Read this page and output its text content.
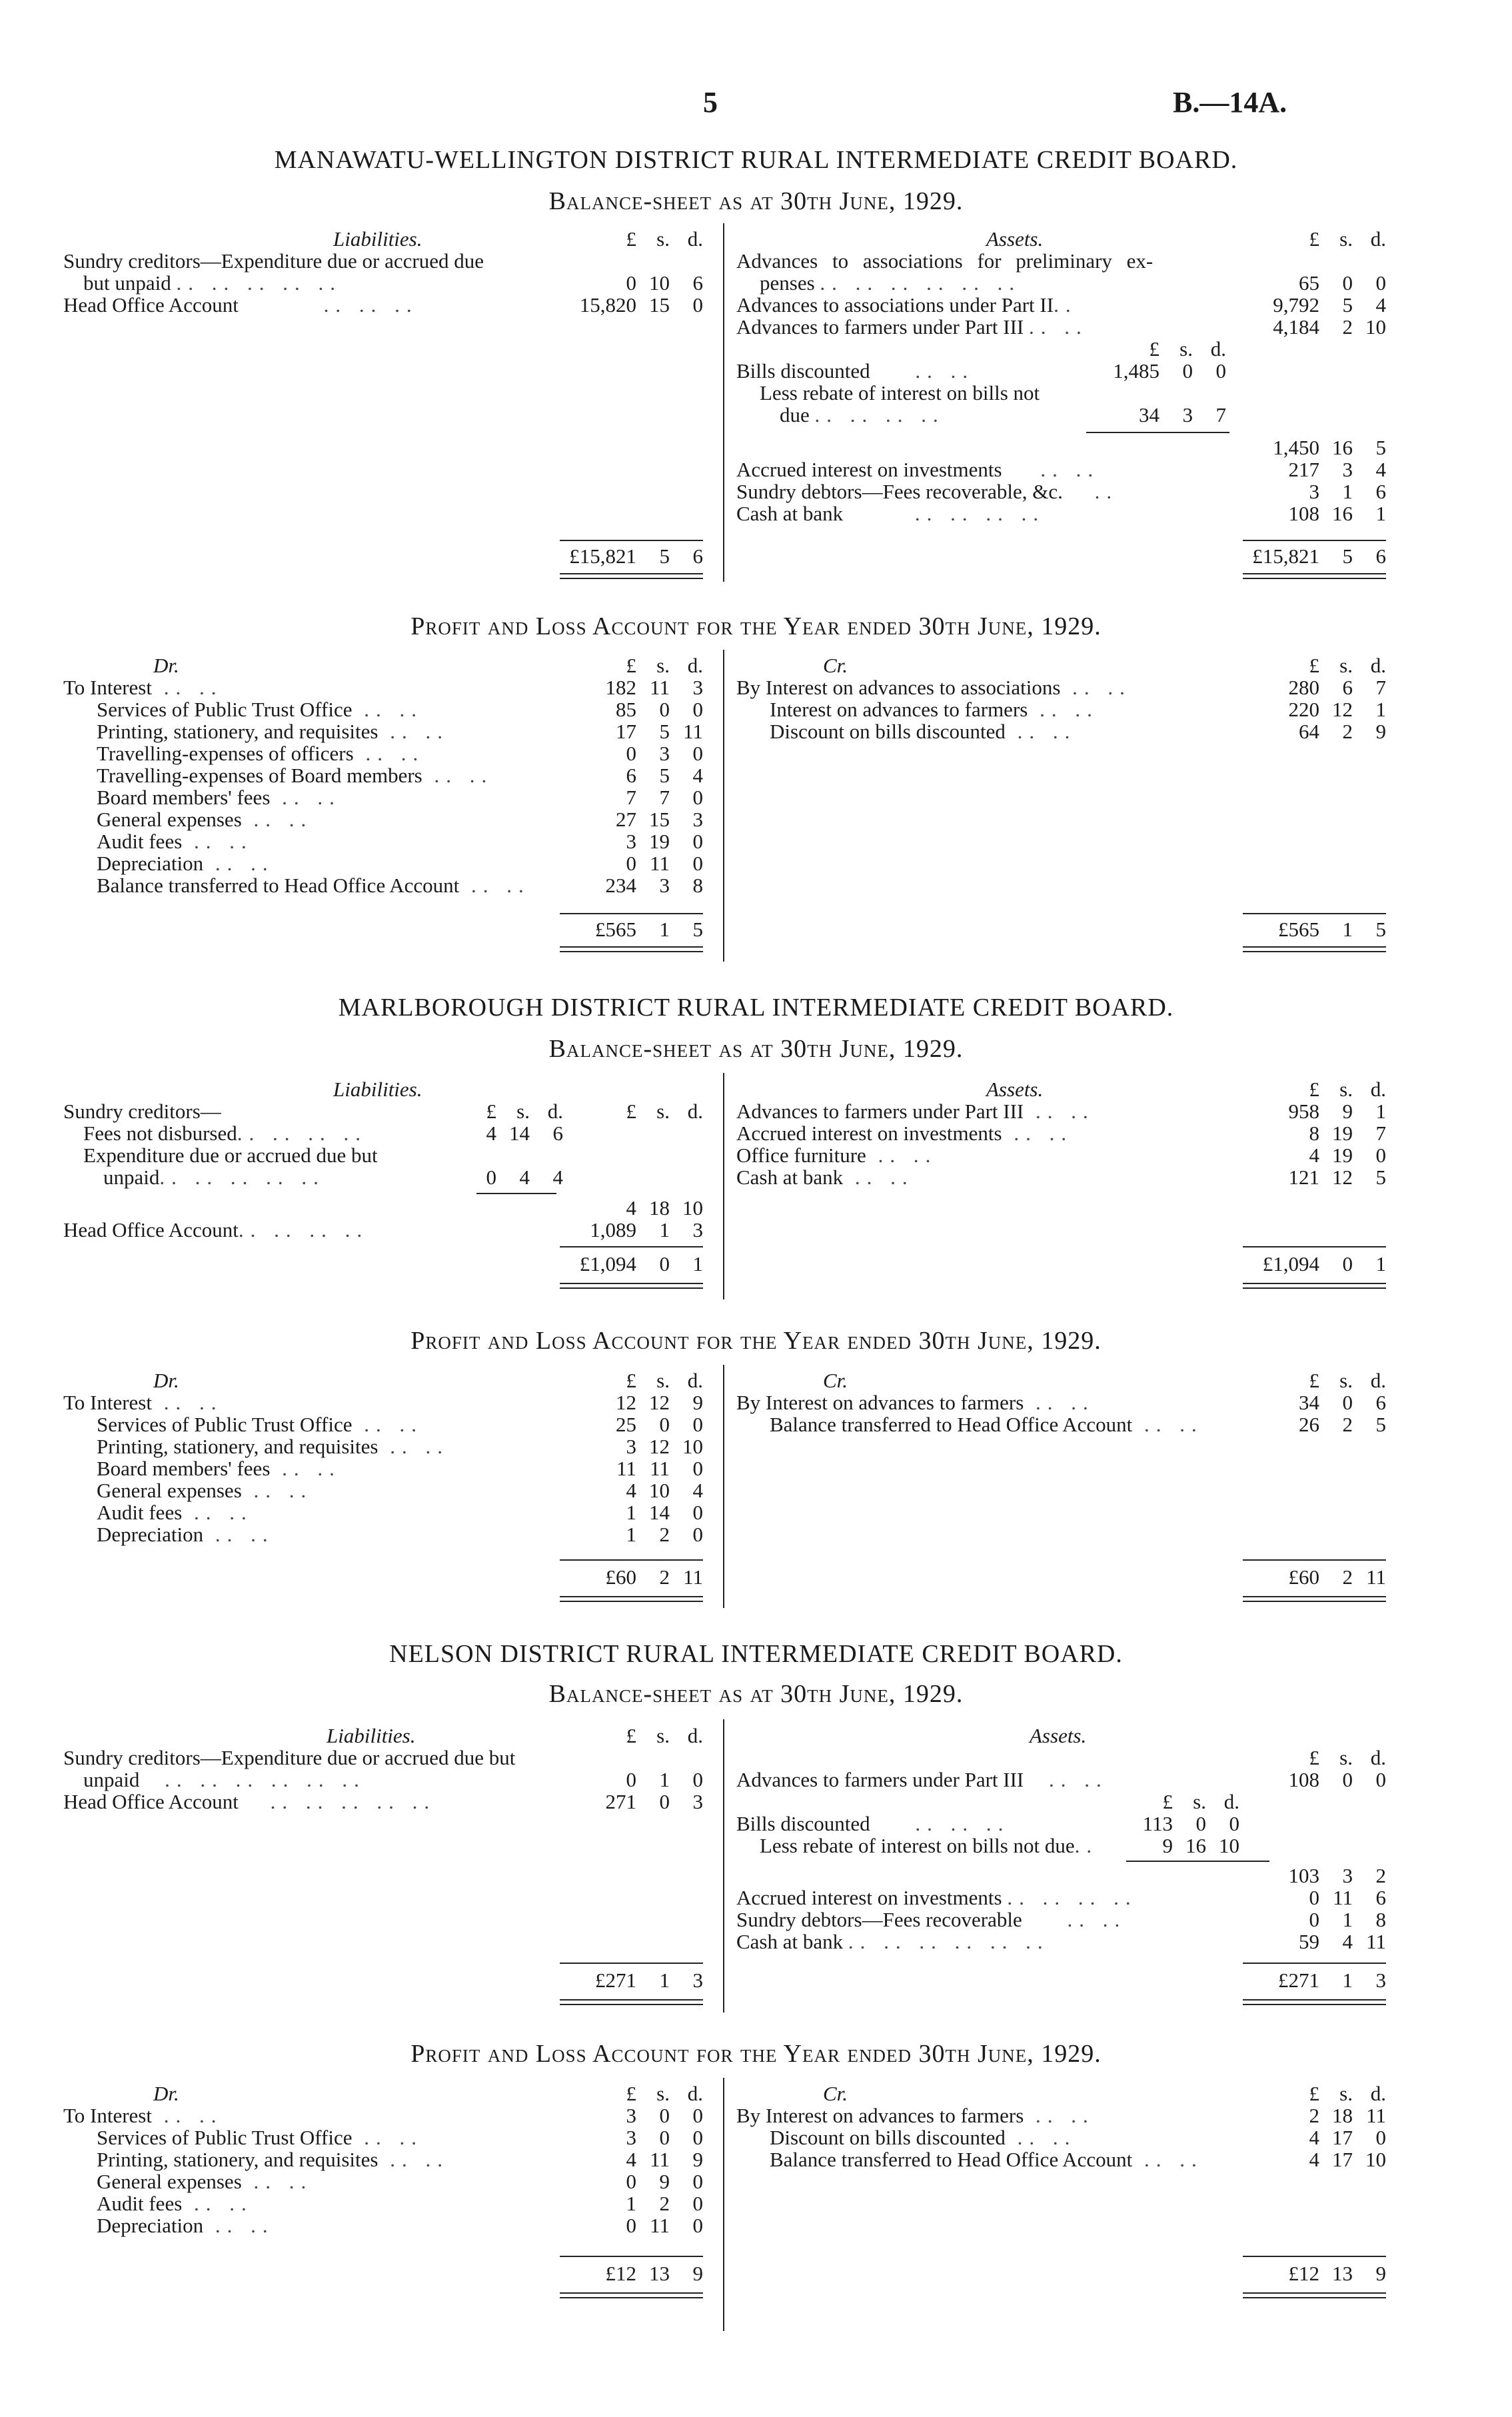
5	B.—14A.
MANAWATU-WELLINGTON DISTRICT RURAL INTERMEDIATE CREDIT BOARD.
Balance-sheet as at 30th June, 1929.
Liabilities.	£ s. d.
Sundry creditors—Expenditure due or accrued due
but unpaid .. .. .. .. ..	0 10	6
Head Office Account	.. .. ..	15,820 15	0
£15,821	5	6
Assets.	£ s. d.
Advances to associations for preliminary ex-
penses .. .. .. .. .. ..	65	0	0
Advances to associations under Part II..	9,792	5	4
Advances to farmers under Part III .. ..	4,184	2 10
£ s. d.
Bills discounted .. ..	1,485	0	0
Less rebate of interest on bills not
due .. .. .. ..	34	3	7
1,450 16	5
Accrued interest on investments .. ..	217	3	4
Sundry debtors—Fees recoverable, &c. ..	3	1	6
Cash at bank	.. .. .. ..	108 16	1
£15,821	5	6
Profit and Loss Account for the Year ended 30th June, 1929.
Dr.	Cr.
£ s. d.	£ s. d.
To Interest .. ..	182 11	3
Services of Public Trust Office .. ..	85	0	0
Printing, stationery, and requisites .. ..	17	5 11
Travelling-expenses of officers .. ..	0	3	0
Travelling-expenses of Board members .. ..	6	5	4
Board members' fees .. ..	7	7	0
General expenses .. ..	27 15	3
Audit fees .. ..	3 19	0
Depreciation .. ..	0 11	0
Balance transferred to Head Office Account .. ..	234	3	8
By Interest on advances to associations .. ..	280	6	7
Interest on advances to farmers .. ..	220 12	1
Discount on bills discounted .. ..	64	2	9
£565	1	5	£565	1	5
MARLBOROUGH DISTRICT RURAL INTERMEDIATE CREDIT BOARD.
Balance-sheet as at 30th June, 1929.
Liabilities.
£ s. d.	£ s. d.
Sundry creditors—
Fees not disbursed.. .. .. ..	4 14	6
Expenditure due or accrued due but
unpaid.. .. .. .. ..	0	4	4
4 18 10
Head Office Account.. .. .. ..	1,089	1	3
£1,094	0	1
Assets.	£ s. d.
Advances to farmers under Part III .. ..	958	9	1
Accrued interest on investments .. ..	8 19	7
Office furniture .. ..	4 19	0
Cash at bank .. ..	121 12	5
£1,094	0	1
Profit and Loss Account for the Year ended 30th June, 1929.
Dr.	Cr.
£ s. d.	£ s. d.
To Interest .. ..	12 12	9
Services of Public Trust Office .. ..	25	0	0
Printing, stationery, and requisites .. ..	3 12 10
Board members' fees .. ..	11 11	0
General expenses .. ..	4 10	4
Audit fees .. ..	1 14	0
Depreciation .. ..	1	2	0
By Interest on advances to farmers .. ..	34	0	6
Balance transferred to Head Office Account .. ..	26	2	5
£60	2 11	£60	2 11
NELSON DISTRICT RURAL INTERMEDIATE CREDIT BOARD.
Balance-sheet as at 30th June, 1929.
Liabilities.	£ s. d.
Sundry creditors—Expenditure due or accrued due but
unpaid .. .. .. .. .. ..	0	1	0
Head Office Account .. .. .. .. ..	271	0	3
£271	1	3
Assets.
£ s. d.
Advances to farmers under Part III .. ..	108	0	0
£ s. d.
Bills discounted .. .. ..	113	0	0
Less rebate of interest on bills not due..	9 16 10
103	3	2
Accrued interest on investments .. .. .. ..	0 11	6
Sundry debtors—Fees recoverable .. ..	0	1	8
Cash at bank .. .. .. .. .. ..	59	4 11
£271	1	3
Profit and Loss Account for the Year ended 30th June, 1929.
Dr.	Cr.
£ s. d.	£ s. d.
To Interest .. ..	3	0	0
Services of Public Trust Office .. ..	3	0	0
Printing, stationery, and requisites .. ..	4 11	9
General expenses .. ..	0	9	0
Audit fees .. ..	1	2	0
Depreciation .. ..	0 11	0
By Interest on advances to farmers .. ..	2 18 11
Discount on bills discounted .. ..	4 17	0
Balance transferred to Head Office Account .. ..	4 17 10
£12 13	9	£12 13	9
